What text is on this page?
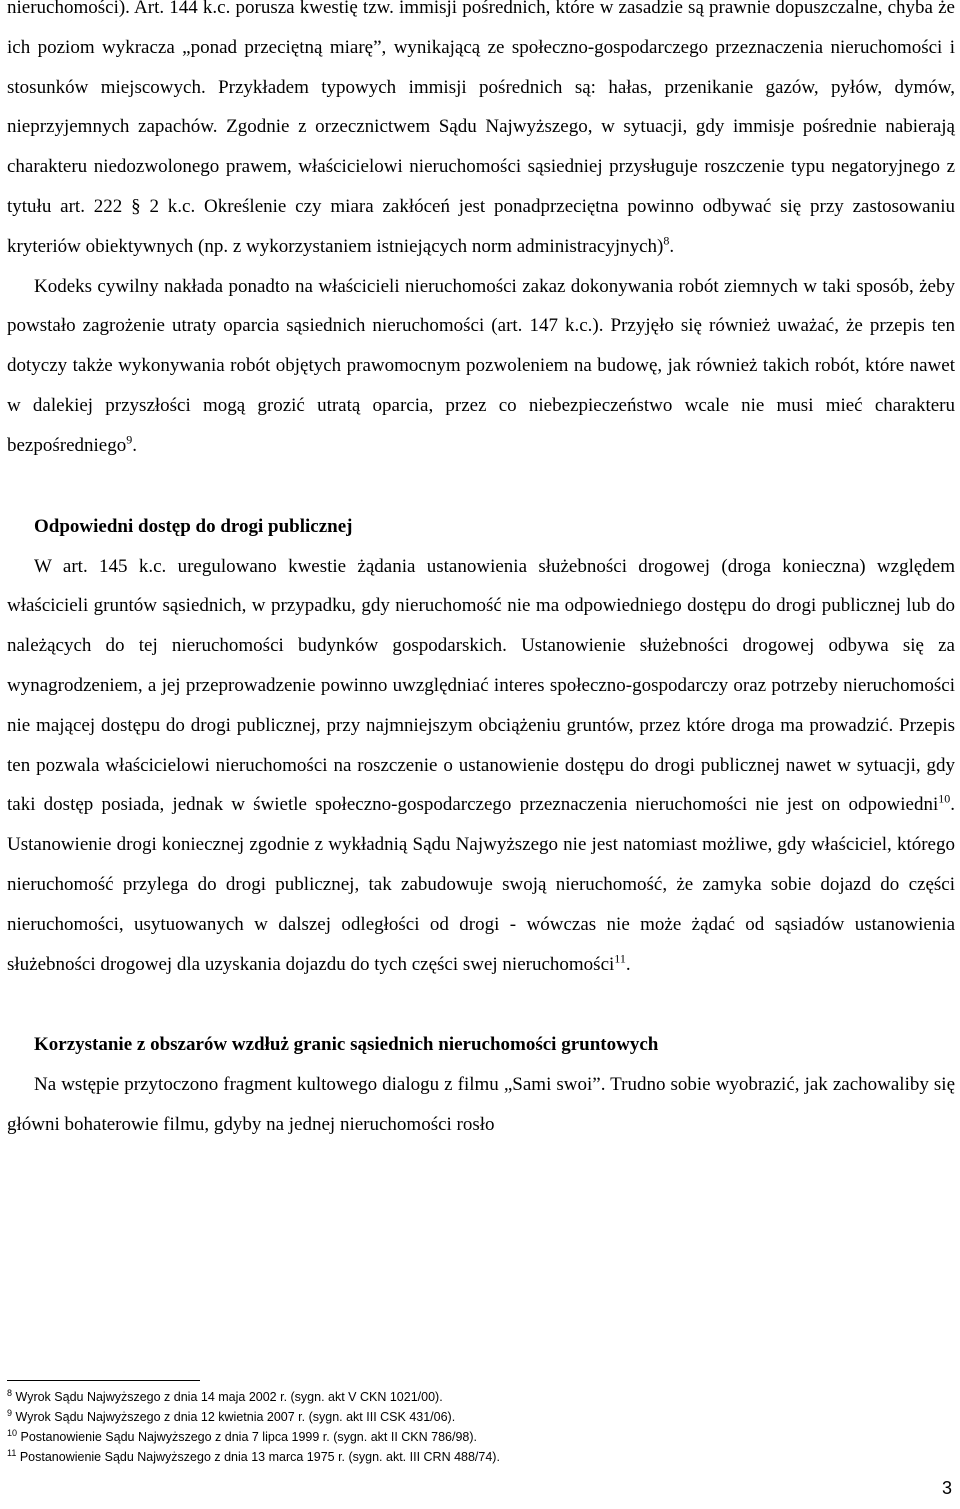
nieruchomości). Art. 144 k.c. porusza kwestię tzw. immisji pośrednich, które w zasadzie są prawnie dopuszczalne, chyba że ich poziom wykracza „ponad przeciętną miarę”, wynikającą ze społeczno-gospodarczego przeznaczenia nieruchomości i stosunków miejscowych. Przykładem typowych immisji pośrednich są: hałas, przenikanie gazów, pyłów, dymów, nieprzyjemnych zapachów. Zgodnie z orzecznictwem Sądu Najwyższego, w sytuacji, gdy immisje pośrednie nabierają charakteru niedozwolonego prawem, właścicielowi nieruchomości sąsiedniej przysługuje roszczenie typu negatoryjnego z tytułu art. 222 § 2 k.c. Określenie czy miara zakłóceń jest ponadprzeciętna powinno odbywać się przy zastosowaniu kryteriów obiektywnych (np. z wykorzystaniem istniejących norm administracyjnych)$^8$.

Kodeks cywilny nakłada ponadto na właścicieli nieruchomości zakaz dokonywania robót ziemnych w taki sposób, żeby powstało zagrożenie utraty oparcia sąsiednich nieruchomości (art. 147 k.c.). Przyjęło się również uważać, że przepis ten dotyczy także wykonywania robót objętych prawomocnym pozwoleniem na budowę, jak również takich robót, które nawet w dalekiej przyszłości mogą grozić utratą oparcia, przez co niebezpieczeństwo wcale nie musi mieć charakteru bezpośredniego$^9$.

Odpowiedni dostęp do drogi publicznej

W art. 145 k.c. uregulowano kwestie żądania ustanowienia służebności drogowej (droga konieczna) względem właścicieli gruntów sąsiednich, w przypadku, gdy nieruchomość nie ma odpowiedniego dostępu do drogi publicznej lub do należących do tej nieruchomości budynków gospodarskich. Ustanowienie służebności drogowej odbywa się za wynagrodzeniem, a jej przeprowadzenie powinno uwzględniać interes społeczno-gospodarczy oraz potrzeby nieruchomości nie mającej dostępu do drogi publicznej, przy najmniejszym obciążeniu gruntów, przez które droga ma prowadzić. Przepis ten pozwala właścicielowi nieruchomości na roszczenie o ustanowienie dostępu do drogi publicznej nawet w sytuacji, gdy taki dostęp posiada, jednak w świetle społeczno-gospodarczego przeznaczenia nieruchomości nie jest on odpowiedni$^{10}$. Ustanowienie drogi koniecznej zgodnie z wykładnią Sądu Najwyższego nie jest natomiast możliwe, gdy właściciel, którego nieruchomość przylega do drogi publicznej, tak zabudowuje swoją nieruchomość, że zamyka sobie dojazd do części nieruchomości, usytuowanych w dalszej odległości od drogi - wówczas nie może żądać od sąsiadów ustanowienia służebności drogowej dla uzyskania dojazdu do tych części swej nieruchomości$^{11}$.

Korzystanie z obszarów wzdłuż granic sąsiednich nieruchomości gruntowych

Na wstępie przytoczono fragment kultowego dialogu z filmu „Sami swoi”. Trudno sobie wyobrazić, jak zachowaliby się główni bohaterowie filmu, gdyby na jednej nieruchomości rosło

$^8$ Wyrok Sądu Najwyższego z dnia 14 maja 2002 r. (sygn. akt V CKN 1021/00).

$^9$ Wyrok Sądu Najwyższego z dnia 12 kwietnia 2007 r. (sygn. akt III CSK 431/06).

$^{10}$ Postanowienie Sądu Najwyższego z dnia 7 lipca 1999 r. (sygn. akt II CKN 786/98).

$^{11}$ Postanowienie Sądu Najwyższego z dnia 13 marca 1975 r. (sygn. akt. III CRN 488/74).

3
